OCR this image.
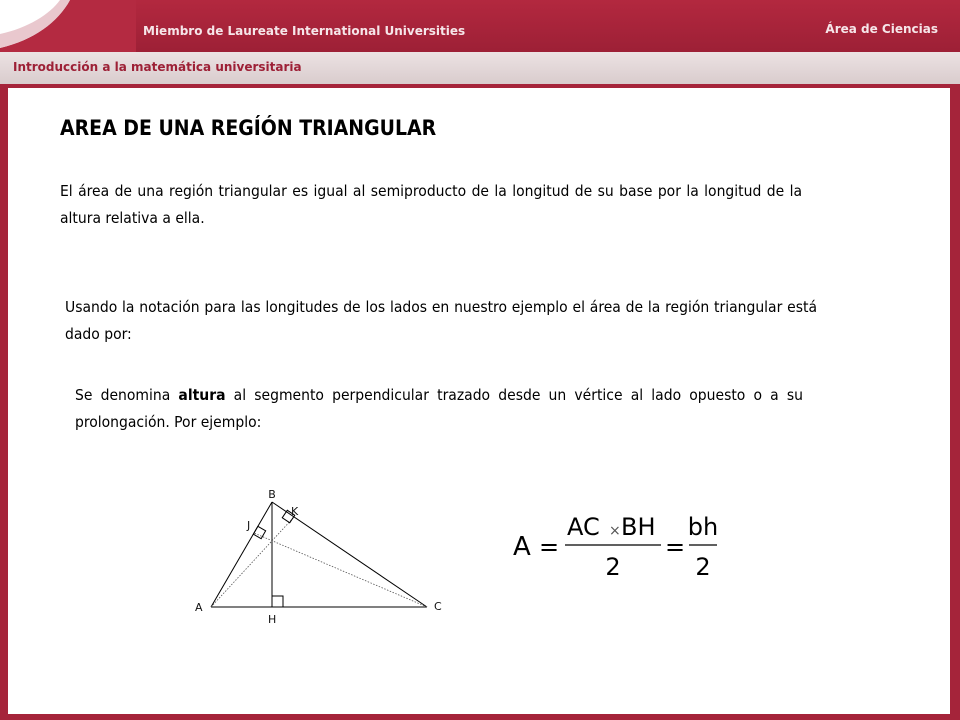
Miembro de Laureate International Universities	Área de Ciencias
Introducción a la matemática universitaria
AREA DE UNA REGÍÓN TRIANGULAR

El área de una región triangular es igual al semiproducto de la longitud de su base por la longitud de la altura relativa a ella.

Usando la notación para las longitudes de los lados en nuestro ejemplo el área de la región triangular está dado por:

Se denomina altura al segmento perpendicular trazado desde un vértice al lado opuesto o a su prolongación. Por ejemplo:

B
K
J
A	C
H
A =
AC × BH
2
=
bh
2
